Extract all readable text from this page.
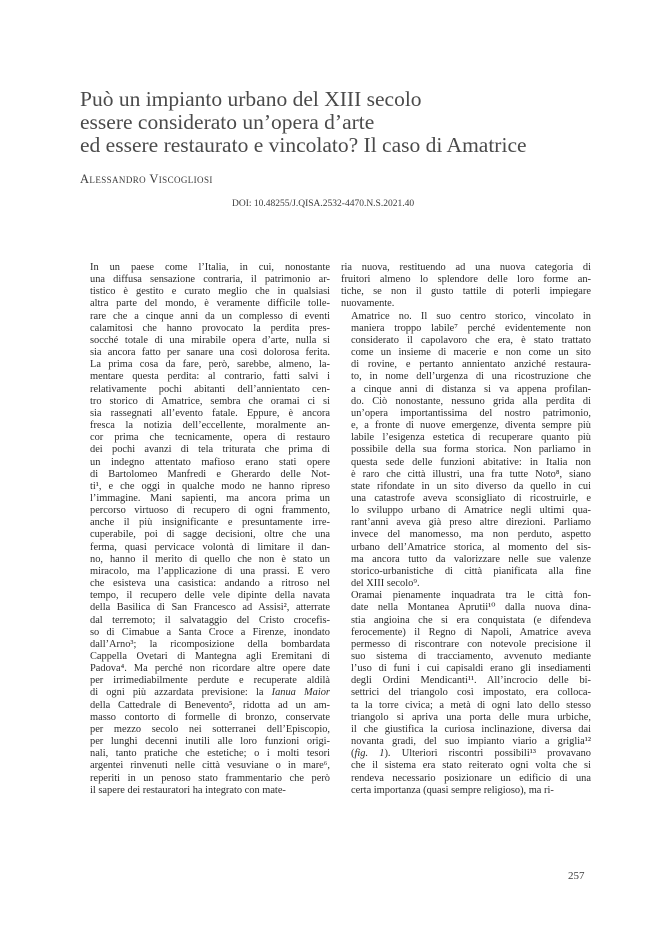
Può un impianto urbano del XIII secolo
essere considerato un’opera d’arte
ed essere restaurato e vincolato? Il caso di Amatrice

Alessandro Viscogliosi

DOI: 10.48255/J.QISA.2532-4470.N.S.2021.40

In un paese come l’Italia, in cui, nonostante
una diffusa sensazione contraria, il patrimonio ar-
tistico è gestito e curato meglio che in qualsiasi
altra parte del mondo, è veramente difficile tolle-
rare che a cinque anni da un complesso di eventi
calamitosi che hanno provocato la perdita pres-
socché totale di una mirabile opera d’arte, nulla si
sia ancora fatto per sanare una così dolorosa ferita.
La prima cosa da fare, però, sarebbe, almeno, la-
mentare questa perdita: al contrario, fatti salvi i
relativamente pochi abitanti dell’annientato cen-
tro storico di Amatrice, sembra che oramai ci si
sia rassegnati all’evento fatale. Eppure, è ancora
fresca la notizia dell’eccellente, moralmente an-
cor prima che tecnicamente, opera di restauro
dei pochi avanzi di tela triturata che prima di
un indegno attentato mafioso erano stati opere
di Bartolomeo Manfredi e Gherardo delle Not-
ti¹, e che oggi in qualche modo ne hanno ripreso
l’immagine. Mani sapienti, ma ancora prima un
percorso virtuoso di recupero di ogni frammento,
anche il più insignificante e presuntamente irre-
cuperabile, poi di sagge decisioni, oltre che una
ferma, quasi pervicace volontà di limitare il dan-
no, hanno il merito di quello che non è stato un
miracolo, ma l’applicazione di una prassi. È vero
che esisteva una casistica: andando a ritroso nel
tempo, il recupero delle vele dipinte della navata
della Basilica di San Francesco ad Assisi², atterrate
dal terremoto; il salvataggio del Cristo crocefis-
so di Cimabue a Santa Croce a Firenze, inondato
dall’Arno³; la ricomposizione della bombardata
Cappella Ovetari di Mantegna agli Eremitani di
Padova⁴. Ma perché non ricordare altre opere date
per irrimediabilmente perdute e recuperate aldilà
di ogni più azzardata previsione: la Ianua Maior
della Cattedrale di Benevento⁵, ridotta ad un am-
masso contorto di formelle di bronzo, conservate
per mezzo secolo nei sotterranei dell’Episcopio,
per lunghi decenni inutili alle loro funzioni origi-
nali, tanto pratiche che estetiche; o i molti tesori
argentei rinvenuti nelle città vesuviane o in mare⁶,
reperiti in un penoso stato frammentario che però
il sapere dei restauratori ha integrato con mate-

ria nuova, restituendo ad una nuova categoria di
fruitori almeno lo splendore delle loro forme an-
tiche, se non il gusto tattile di poterli impiegare
nuovamente.

Amatrice no. Il suo centro storico, vincolato in
maniera troppo labile⁷ perché evidentemente non
considerato il capolavoro che era, è stato trattato
come un insieme di macerie e non come un sito
di rovine, e pertanto annientato anziché restaura-
to, in nome dell’urgenza di una ricostruzione che
a cinque anni di distanza si va appena profilan-
do. Ciò nonostante, nessuno grida alla perdita di
un’opera importantissima del nostro patrimonio,
e, a fronte di nuove emergenze, diventa sempre più
labile l’esigenza estetica di recuperare quanto più
possibile della sua forma storica. Non parliamo in
questa sede delle funzioni abitative: in Italia non
è raro che città illustri, una fra tutte Noto⁸, siano
state rifondate in un sito diverso da quello in cui
una catastrofe aveva sconsigliato di ricostruirle, e
lo sviluppo urbano di Amatrice negli ultimi qua-
rant’anni aveva già preso altre direzioni. Parliamo
invece del manomesso, ma non perduto, aspetto
urbano dell’Amatrice storica, al momento del sis-
ma ancora tutto da valorizzare nelle sue valenze
storico-urbanistiche di città pianificata alla fine
del XIII secolo⁹.

Oramai pienamente inquadrata tra le città fon-
date nella Montanea Aprutii¹⁰ dalla nuova dina-
stia angioina che si era conquistata (e difendeva
ferocemente) il Regno di Napoli, Amatrice aveva
permesso di riscontrare con notevole precisione il
suo sistema di tracciamento, avvenuto mediante
l’uso di funi i cui capisaldi erano gli insediamenti
degli Ordini Mendicanti¹¹. All’incrocio delle bi-
settrici del triangolo così impostato, era colloca-
ta la torre civica; a metà di ogni lato dello stesso
triangolo si apriva una porta delle mura urbiche,
il che giustifica la curiosa inclinazione, diversa dai
novanta gradi, del suo impianto viario a griglia¹²
(fig. 1). Ulteriori riscontri possibili¹³ provavano
che il sistema era stato reiterato ogni volta che si
rendeva necessario posizionare un edificio di una
certa importanza (quasi sempre religioso), ma ri-

257
